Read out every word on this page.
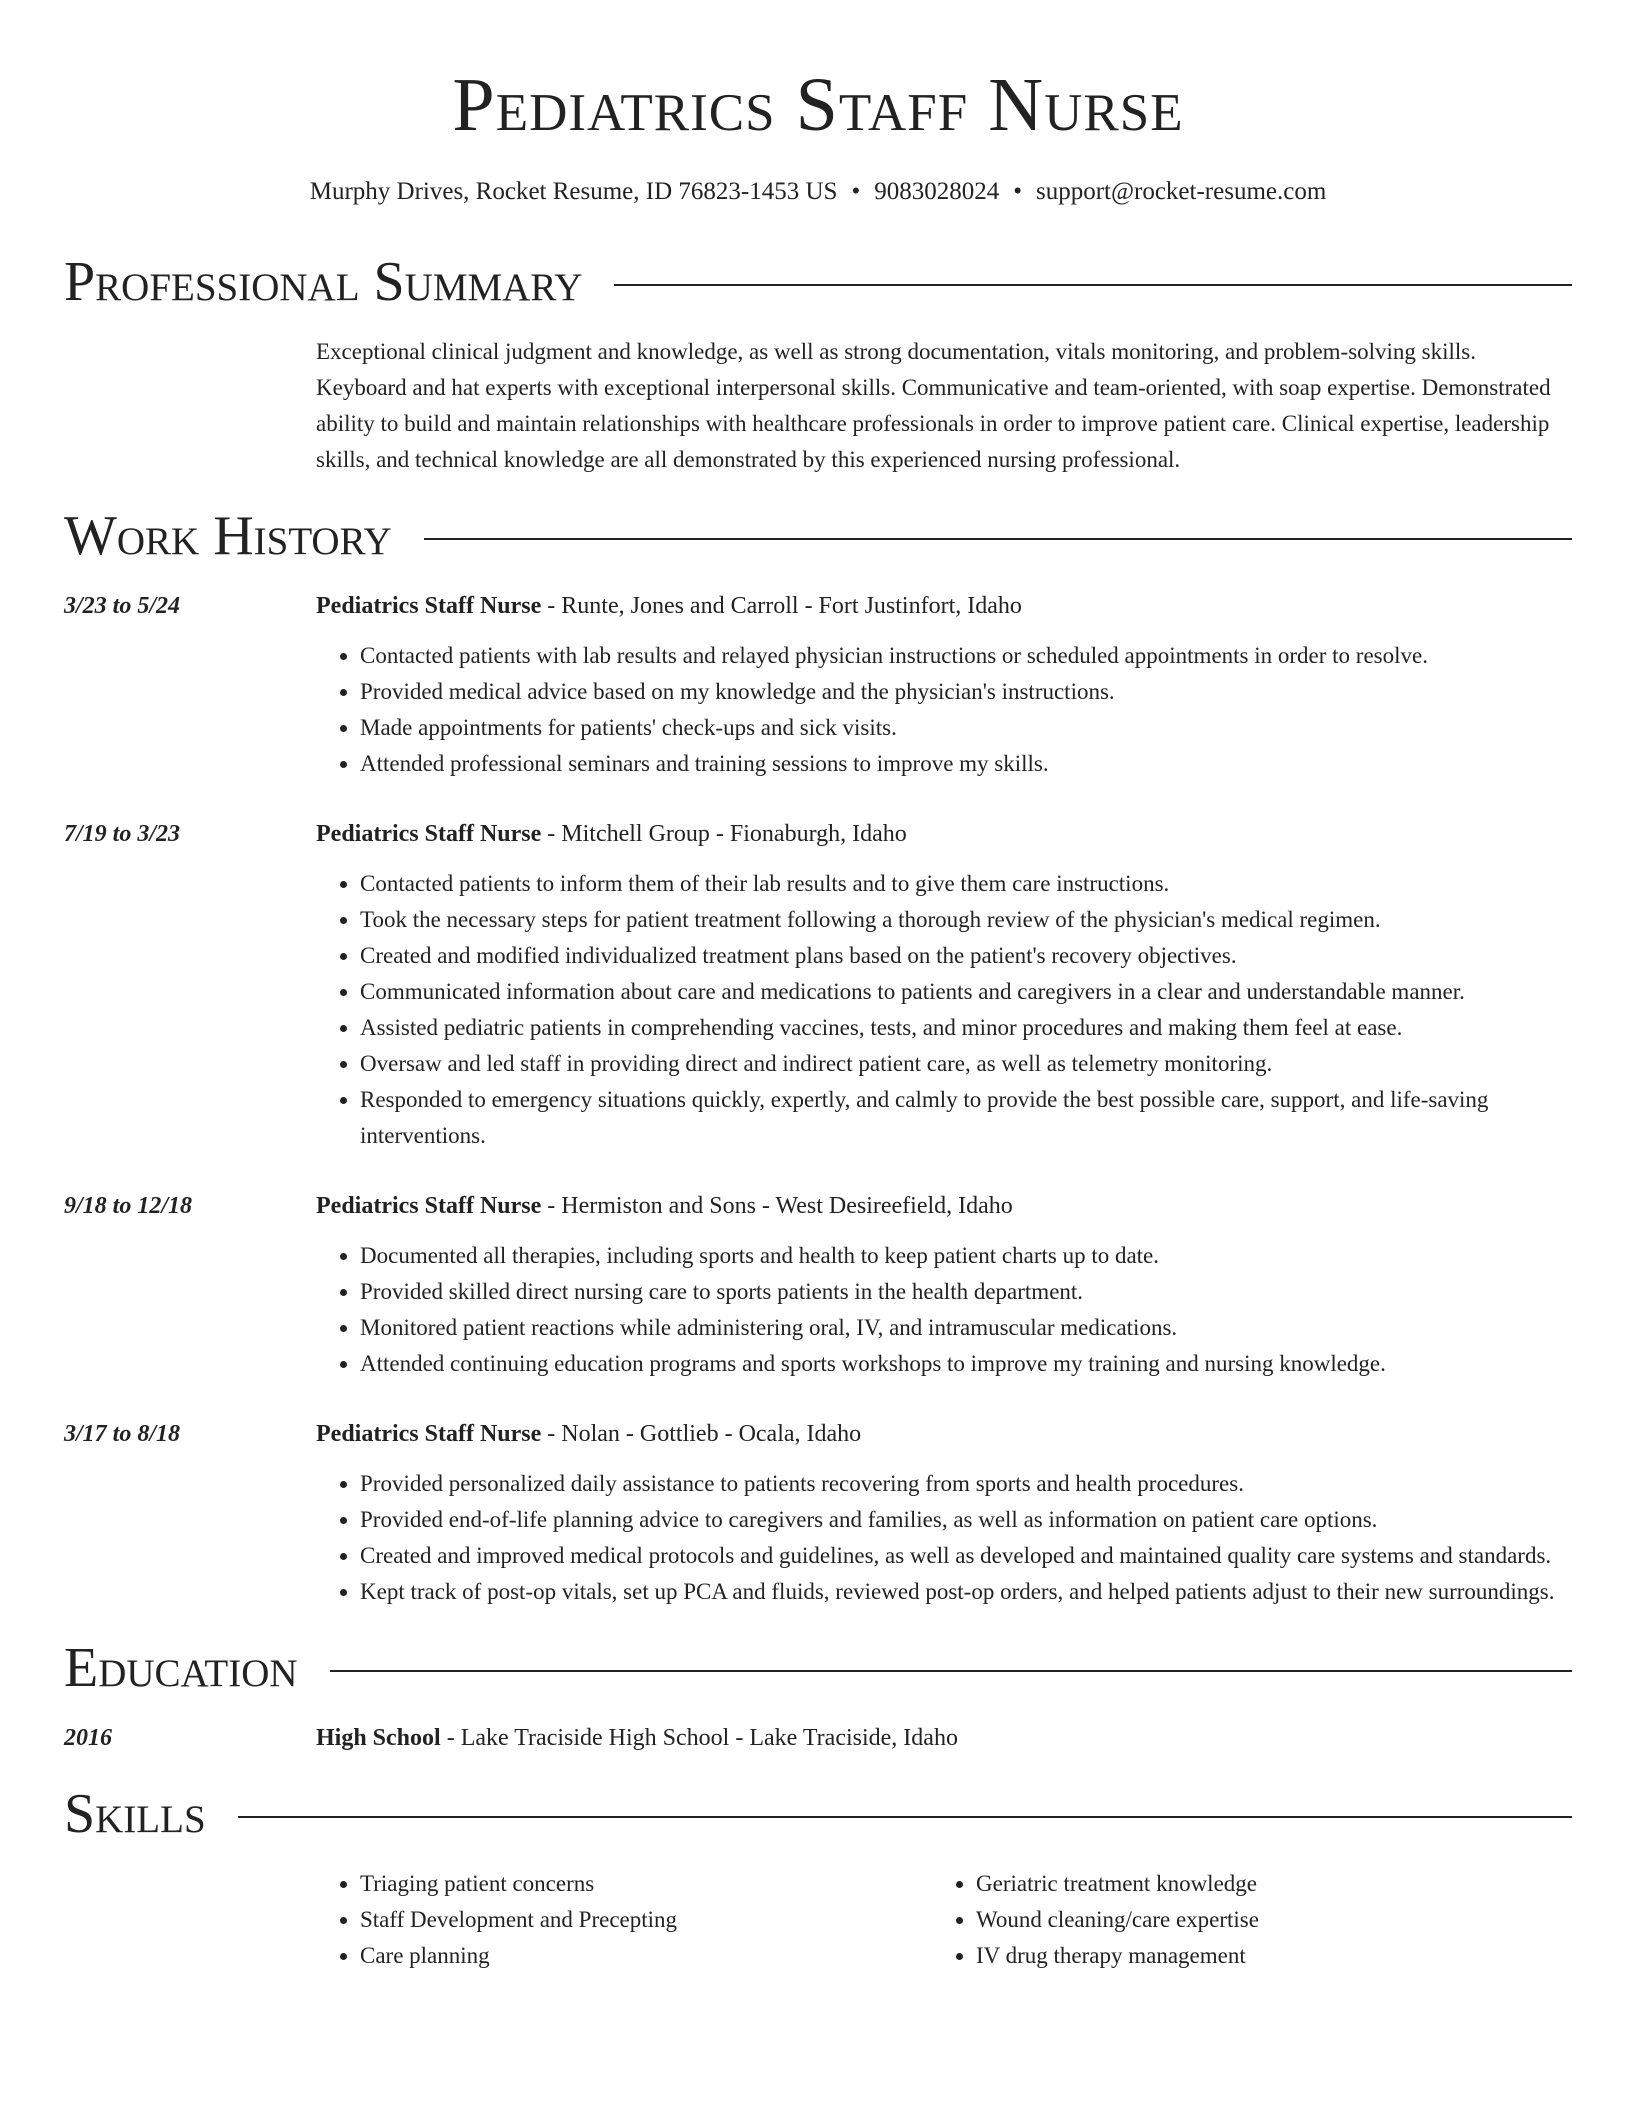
Pediatrics Staff Nurse
Murphy Drives, Rocket Resume, ID 76823-1453 US • 9083028024 • support@rocket-resume.com
Professional Summary
Exceptional clinical judgment and knowledge, as well as strong documentation, vitals monitoring, and problem-solving skills. Keyboard and hat experts with exceptional interpersonal skills. Communicative and team-oriented, with soap expertise. Demonstrated ability to build and maintain relationships with healthcare professionals in order to improve patient care. Clinical expertise, leadership skills, and technical knowledge are all demonstrated by this experienced nursing professional.
Work History
3/23 to 5/24	Pediatrics Staff Nurse - Runte, Jones and Carroll - Fort Justinfort, Idaho
• Contacted patients with lab results and relayed physician instructions or scheduled appointments in order to resolve.
• Provided medical advice based on my knowledge and the physician's instructions.
• Made appointments for patients' check-ups and sick visits.
• Attended professional seminars and training sessions to improve my skills.
7/19 to 3/23	Pediatrics Staff Nurse - Mitchell Group - Fionaburgh, Idaho
• Contacted patients to inform them of their lab results and to give them care instructions.
• Took the necessary steps for patient treatment following a thorough review of the physician's medical regimen.
• Created and modified individualized treatment plans based on the patient's recovery objectives.
• Communicated information about care and medications to patients and caregivers in a clear and understandable manner.
• Assisted pediatric patients in comprehending vaccines, tests, and minor procedures and making them feel at ease.
• Oversaw and led staff in providing direct and indirect patient care, as well as telemetry monitoring.
• Responded to emergency situations quickly, expertly, and calmly to provide the best possible care, support, and life-saving interventions.
9/18 to 12/18	Pediatrics Staff Nurse - Hermiston and Sons - West Desireefield, Idaho
• Documented all therapies, including sports and health to keep patient charts up to date.
• Provided skilled direct nursing care to sports patients in the health department.
• Monitored patient reactions while administering oral, IV, and intramuscular medications.
• Attended continuing education programs and sports workshops to improve my training and nursing knowledge.
3/17 to 8/18	Pediatrics Staff Nurse - Nolan - Gottlieb - Ocala, Idaho
• Provided personalized daily assistance to patients recovering from sports and health procedures.
• Provided end-of-life planning advice to caregivers and families, as well as information on patient care options.
• Created and improved medical protocols and guidelines, as well as developed and maintained quality care systems and standards.
• Kept track of post-op vitals, set up PCA and fluids, reviewed post-op orders, and helped patients adjust to their new surroundings.
Education
2016	High School - Lake Traciside High School - Lake Traciside, Idaho
Skills
• Triaging patient concerns
• Staff Development and Precepting
• Care planning
• Geriatric treatment knowledge
• Wound cleaning/care expertise
• IV drug therapy management
